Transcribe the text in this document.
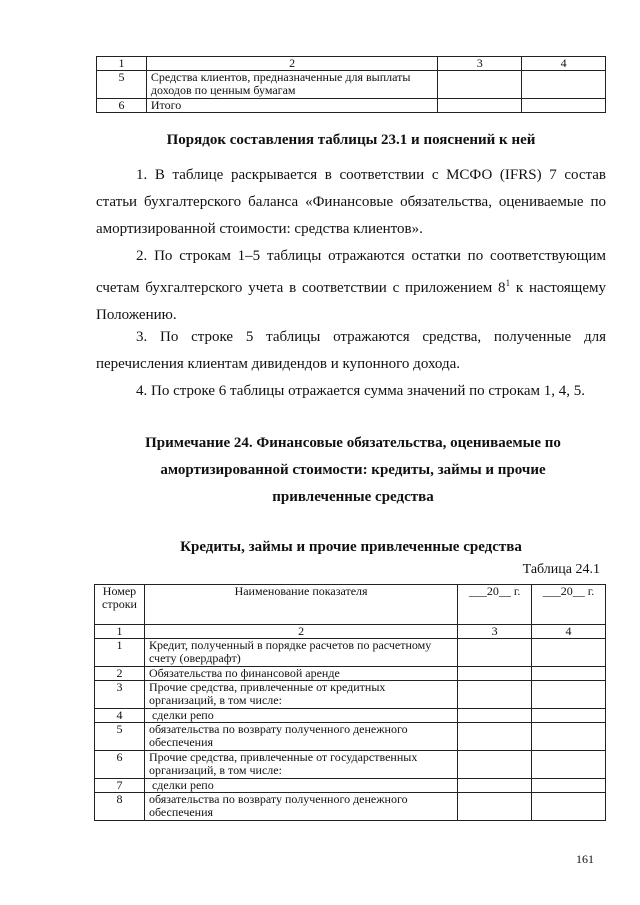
1	2	3	4
5	Средства клиентов, предназначенные для выплаты доходов по ценным бумагам		
6	Итого		
Порядок составления таблицы 23.1 и пояснений к ней
1. В таблице раскрывается в соответствии с МСФО (IFRS) 7 состав статьи бухгалтерского баланса «Финансовые обязательства, оцениваемые по амортизированной стоимости: средства клиентов».
2. По строкам 1–5 таблицы отражаются остатки по соответствующим счетам бухгалтерского учета в соответствии с приложением $8^1$ к настоящему Положению.
3. По строке 5 таблицы отражаются средства, полученные для перечисления клиентам дивидендов и купонного дохода.
4. По строке 6 таблицы отражается сумма значений по строкам 1, 4, 5.
Примечание 24. Финансовые обязательства, оцениваемые по амортизированной стоимости: кредиты, займы и прочие привлеченные средства
Кредиты, займы и прочие привлеченные средства
Таблица 24.1
Номер строки	Наименование показателя	___20__ г.	___20__ г.
1	2	3	4
1	Кредит, полученный в порядке расчетов по расчетному счету (овердрафт)		
2	Обязательства по финансовой аренде		
3	Прочие средства, привлеченные от кредитных организаций, в том числе:		
4	сделки репо		
5	обязательства по возврату полученного денежного обеспечения		
6	Прочие средства, привлеченные от государственных организаций, в том числе:		
7	сделки репо		
8	обязательства по возврату полученного денежного обеспечения		
161
